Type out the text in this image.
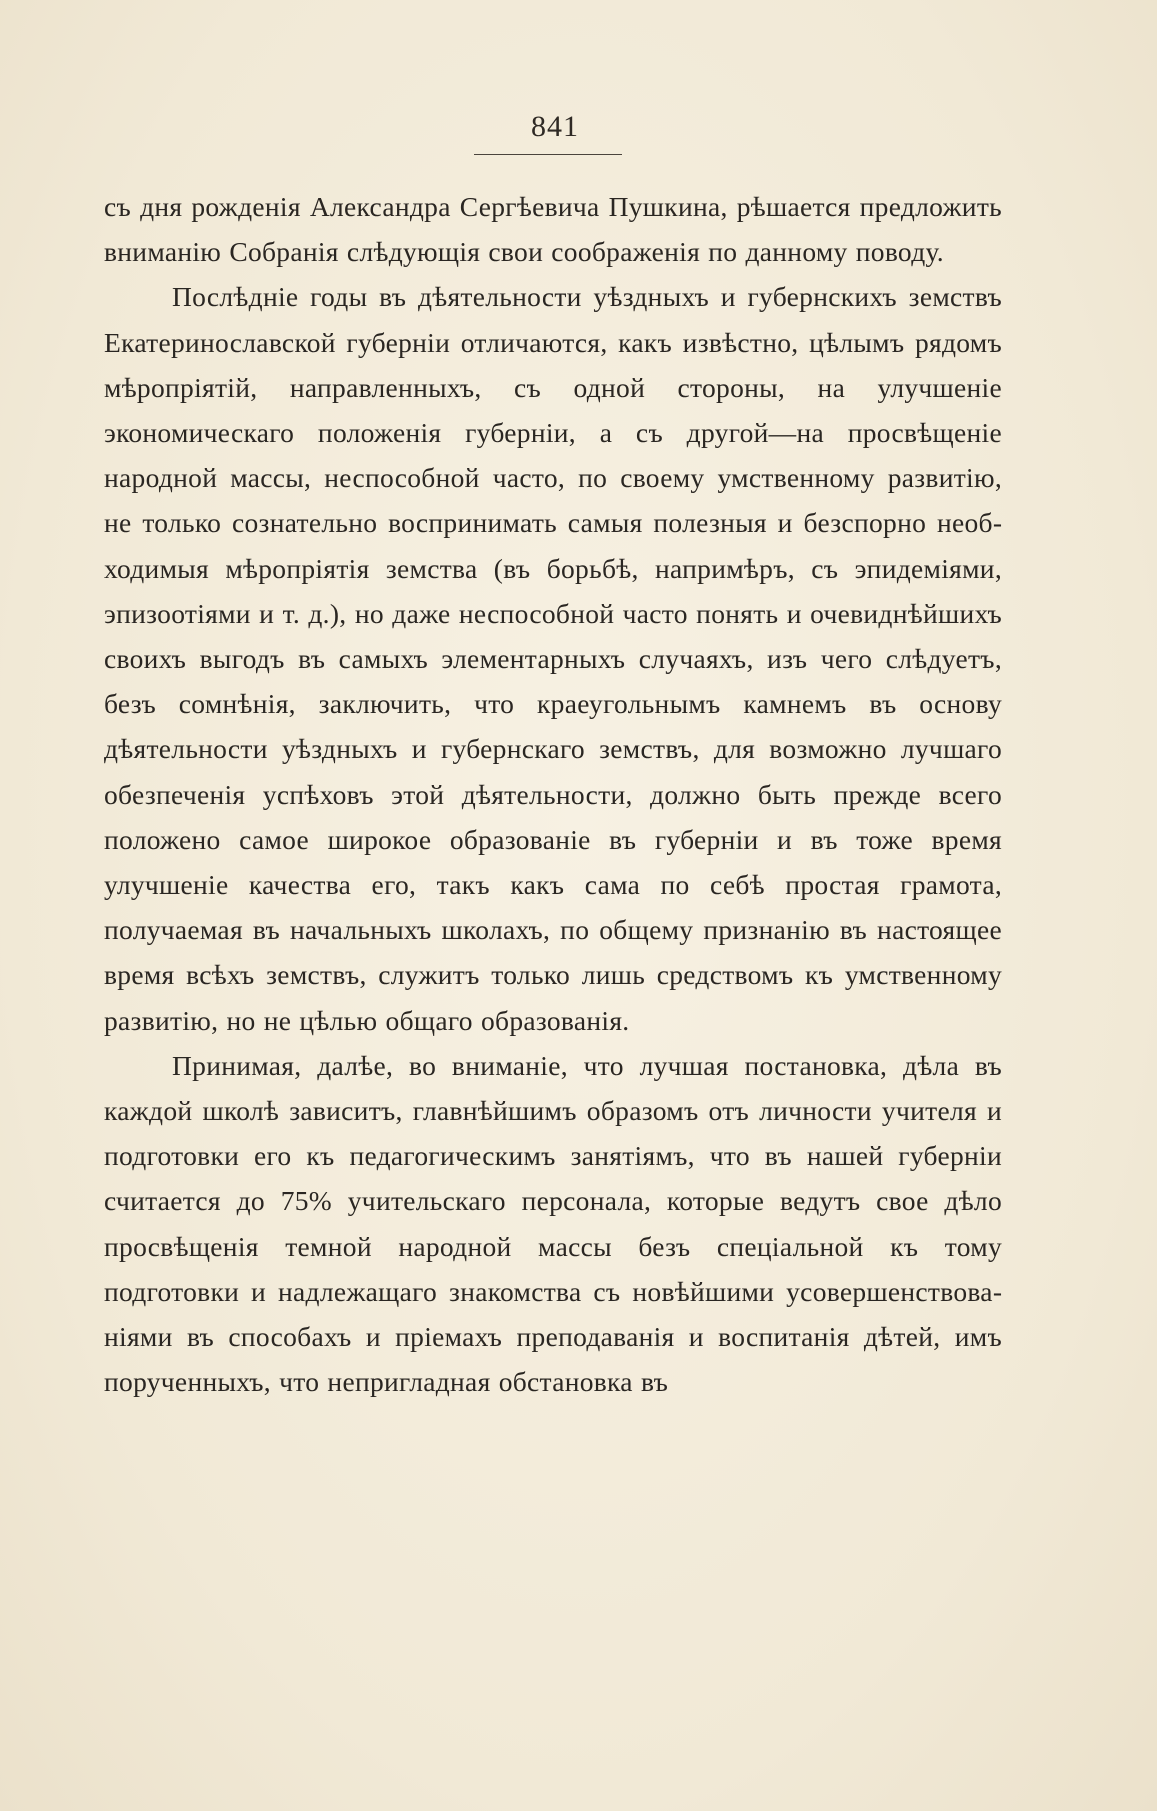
841

съ дня рожденія Александра Сергѣевича Пушкина, рѣшается предложить вниманію Собранія слѣдующія свои соображенія по данному поводу.

Послѣдніе годы въ дѣятельности уѣздныхъ и губернскихъ земствъ Екатеринославской губерніи отличаются, какъ извѣстно, цѣлымъ рядомъ мѣропріятій, направленныхъ, съ одной стороны, на улучшеніе экономическаго положенія губерніи, а съ другой—на просвѣщеніе народной массы, неспособной часто, по своему умственному развитію, не только сознательно воспринимать самыя полезныя и безспорно необходимыя мѣропріятія земства (въ борьбѣ, напримѣръ, съ эпидеміями, эпизоотіями и т. д.), но даже неспособной часто понять и очевиднѣйшихъ своихъ выгодъ въ самыхъ элементарныхъ случаяхъ, изъ чего слѣдуетъ, безъ сомнѣнія, заключить, что краеугольнымъ камнемъ въ основу дѣятельности уѣздныхъ и губернскаго земствъ, для возможно лучшаго обезпеченія успѣховъ этой дѣятельности, должно быть прежде всего положено самое широкое образованіе въ губерніи и въ тоже время улучшеніе качества его, такъ какъ сама по себѣ простая грамота, получаемая въ начальныхъ школахъ, по общему признанію въ настоящее время всѣхъ земствъ, служитъ только лишь средствомъ къ умственному развитію, но не цѣлью общаго образованія.

Принимая, далѣе, во вниманіе, что лучшая постановка, дѣла въ каждой школѣ зависитъ, главнѣйшимъ образомъ отъ личности учителя и подготовки его къ педагогическимъ занятіямъ, что въ нашей губерніи считается до 75% учительскаго персонала, которые ведутъ свое дѣло просвѣщенія темной народной массы безъ спеціальной къ тому подготовки и надлежащаго знакомства съ новѣйшими усовершенствованіями въ способахъ и пріемахъ преподаванія и воспитанія дѣтей, имъ порученныхъ, что непригладная обстановка въ
